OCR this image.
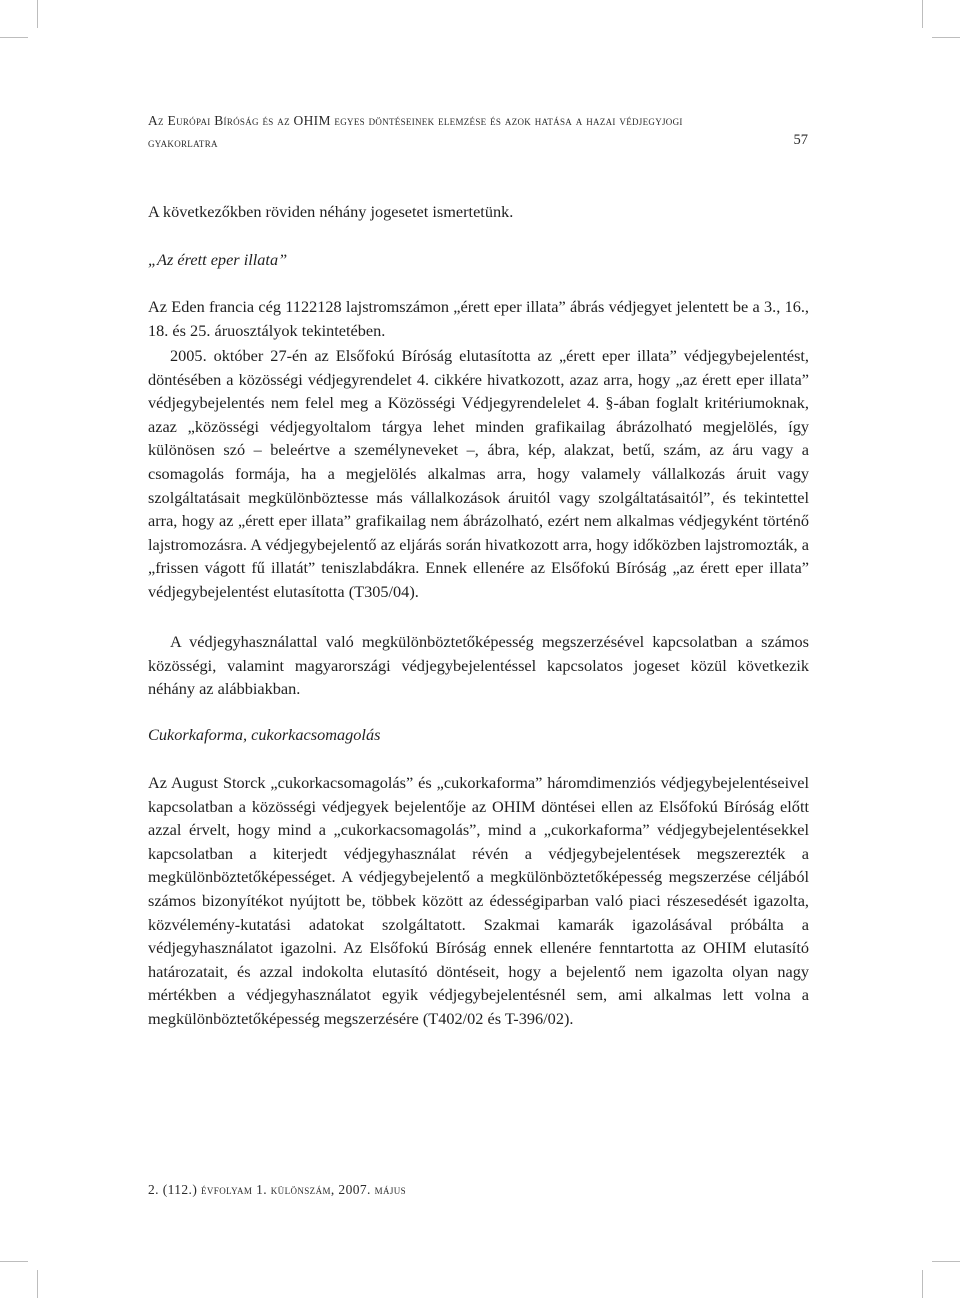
Az Európai Bíróság és az OHIM egyes döntéseinek elemzése és azok hatása a hazai védjegyjogi
gyakorlatra	57

A következőkben röviden néhány jogesetet ismertetünk.

„Az érett eper illata”

Az Eden francia cég 1122128 lajstromszámon „érett eper illata” ábrás védjegyet jelentett be a 3., 16., 18. és 25. áruosztályok tekintetében.

2005. október 27-én az Elsőfokú Bíróság elutasította az „érett eper illata” védjegybejelentést, döntésében a közösségi védjegyrendelet 4. cikkére hivatkozott, azaz arra, hogy „az érett eper illata” védjegybejelentés nem felel meg a Közösségi Védjegyrendelelet 4. §-ában foglalt kritériumoknak, azaz „közösségi védjegyoltalom tárgya lehet minden grafikailag ábrázolható megjelölés, így különösen szó – beleértve a személyneveket –, ábra, kép, alakzat, betű, szám, az áru vagy a csomagolás formája, ha a megjelölés alkalmas arra, hogy valamely vállalkozás áruit vagy szolgáltatásait megkülönböztesse más vállalkozások áruitól vagy szolgáltatásaitól”, és tekintettel arra, hogy az „érett eper illata” grafikailag nem ábrázolható, ezért nem alkalmas védjegyként történő lajstromozásra. A védjegybejelentő az eljárás során hivatkozott arra, hogy időközben lajstromozták, a „frissen vágott fű illatát” teniszlabdákra. Ennek ellenére az Elsőfokú Bíróság „az érett eper illata” védjegybejelentést elutasította (T305/04).

A védjegyhasználattal való megkülönböztetőképesség megszerzésével kapcsolatban a számos közösségi, valamint magyarországi védjegybejelentéssel kapcsolatos jogeset közül következik néhány az alábbiakban.

Cukorkaforma, cukorkacsomagolás

Az August Storck „cukorkacsomagolás” és „cukorkaforma” háromdimenziós védjegybejelentéseivel kapcsolatban a közösségi védjegyek bejelentője az OHIM döntései ellen az Elsőfokú Bíróság előtt azzal érvelt, hogy mind a „cukorkacsomagolás”, mind a „cukorkaforma” védjegybejelentésekkel kapcsolatban a kiterjedt védjegyhasználat révén a védjegybejelentések megszerezték a megkülönböztetőképességet. A védjegybejelentő a megkülönböztetőképesség megszerzése céljából számos bizonyítékot nyújtott be, többek között az édességiparban való piaci részesedését igazolta, közvélemény-kutatási adatokat szolgáltatott. Szakmai kamarák igazolásával próbálta a védjegyhasználatot igazolni. Az Elsőfokú Bíróság ennek ellenére fenntartotta az OHIM elutasító határozatait, és azzal indokolta elutasító döntéseit, hogy a bejelentő nem igazolta olyan nagy mértékben a védjegyhasználatot egyik védjegybejelentésnél sem, ami alkalmas lett volna a megkülönböztetőképesség megszerzésére (T402/02 és T-396/02).

2. (112.) évfolyam 1. különszám, 2007. május
